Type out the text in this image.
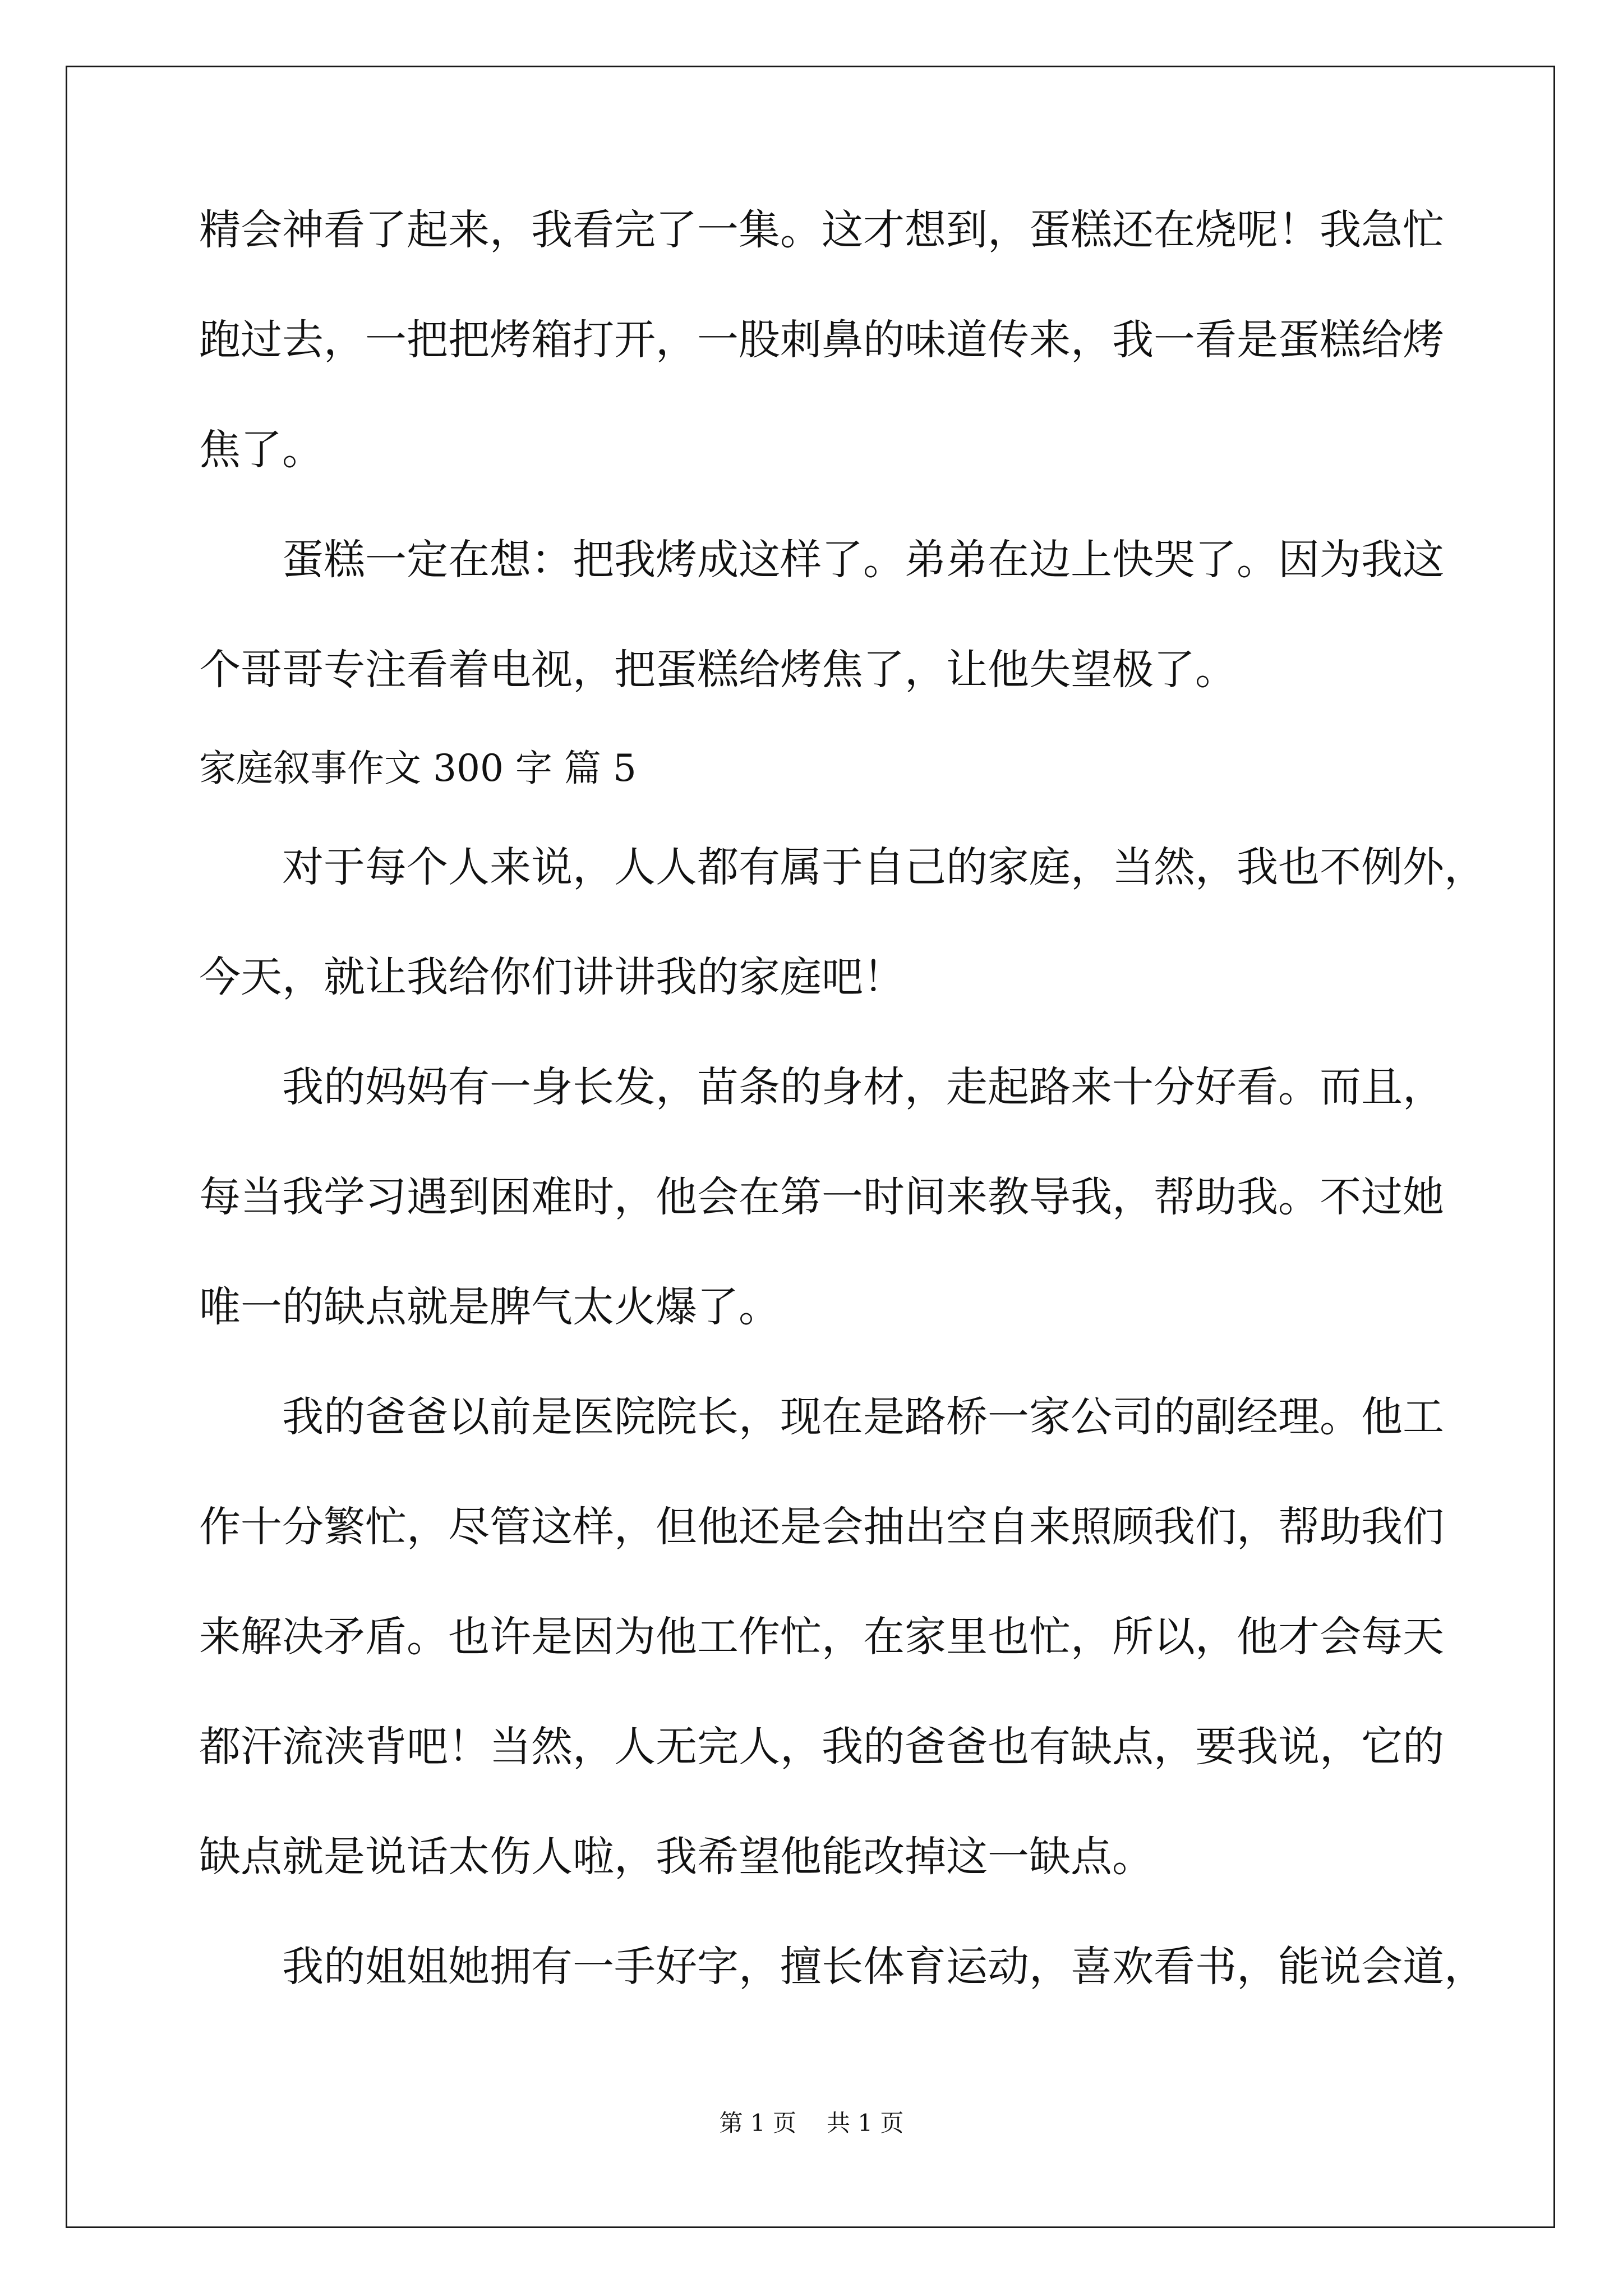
精会神看了起来，我看完了一集。这才想到，蛋糕还在烧呢！我急忙
跑过去，一把把烤箱打开，一股刺鼻的味道传来，我一看是蛋糕给烤
焦了。
蛋糕一定在想：把我烤成这样了。弟弟在边上快哭了。因为我这
个哥哥专注看着电视，把蛋糕给烤焦了，让他失望极了。
家庭叙事作文 300 字 篇 5
对于每个人来说，人人都有属于自己的家庭，当然，我也不例外，
今天，就让我给你们讲讲我的家庭吧！
我的妈妈有一身长发，苗条的身材，走起路来十分好看。而且，
每当我学习遇到困难时，他会在第一时间来教导我，帮助我。不过她
唯一的缺点就是脾气太火爆了。
我的爸爸以前是医院院长，现在是路桥一家公司的副经理。他工
作十分繁忙，尽管这样，但他还是会抽出空自来照顾我们，帮助我们
来解决矛盾。也许是因为他工作忙，在家里也忙，所以，他才会每天
都汗流浃背吧！当然，人无完人，我的爸爸也有缺点，要我说，它的
缺点就是说话太伤人啦，我希望他能改掉这一缺点。
我的姐姐她拥有一手好字，擅长体育运动，喜欢看书，能说会道，
第 1 页 共 1 页
